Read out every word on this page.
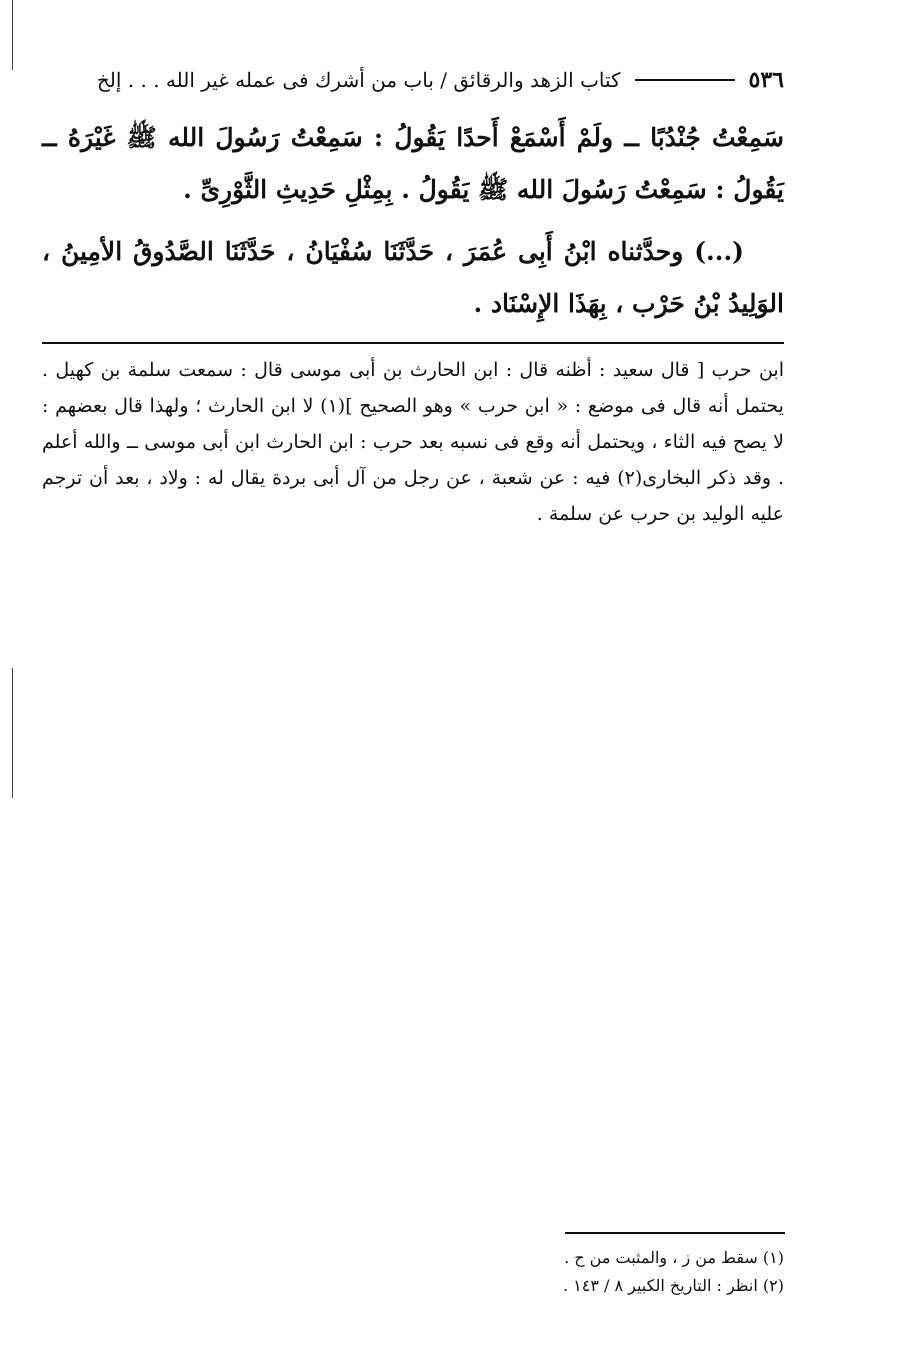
٥٣٦
كتاب الزهد والرقائق / باب من أشرك فى عمله غير الله . . . إلخ

سَمِعْتُ جُنْدُبًا ــ ولَمْ أَسْمَعْ أَحدًا يَقُولُ : سَمِعْتُ رَسُولَ الله ﷺ غَيْرَهُ ــ يَقُولُ : سَمِعْتُ رَسُولَ الله ﷺ يَقُولُ . بِمِثْلِ حَدِيثِ الثَّوْرِىِّ .

(...) وحدَّثناه ابْنُ أَبِى عُمَرَ ، حَدَّثَنَا سُفْيَانُ ، حَدَّثَنَا الصَّدُوقُ الأمِينُ ، الوَلِيدُ بْنُ حَرْب ، بِهَذَا الإِسْنَاد .

ابن حرب [ قال سعيد : أظنه قال : ابن الحارث بن أبى موسى قال : سمعت سلمة بن كهيل . يحتمل أنه قال فى موضع : « ابن حرب » وهو الصحيح ](١) لا ابن الحارث ؛ ولهذا قال بعضهم : لا يصح فيه الثاء ، ويحتمل أنه وقع فى نسبه بعد حرب : ابن الحارث ابن أبى موسى ــ والله أعلم . وقد ذكر البخارى(٢) فيه : عن شعبة ، عن رجل من آل أبى بردة يقال له : ولاد ، بعد أن ترجم عليه الوليد بن حرب عن سلمة .
(١) سقط من ز ، والمثبت من ح .
(٢) انظر : التاريخ الكبير ٨ / ١٤٣ .
